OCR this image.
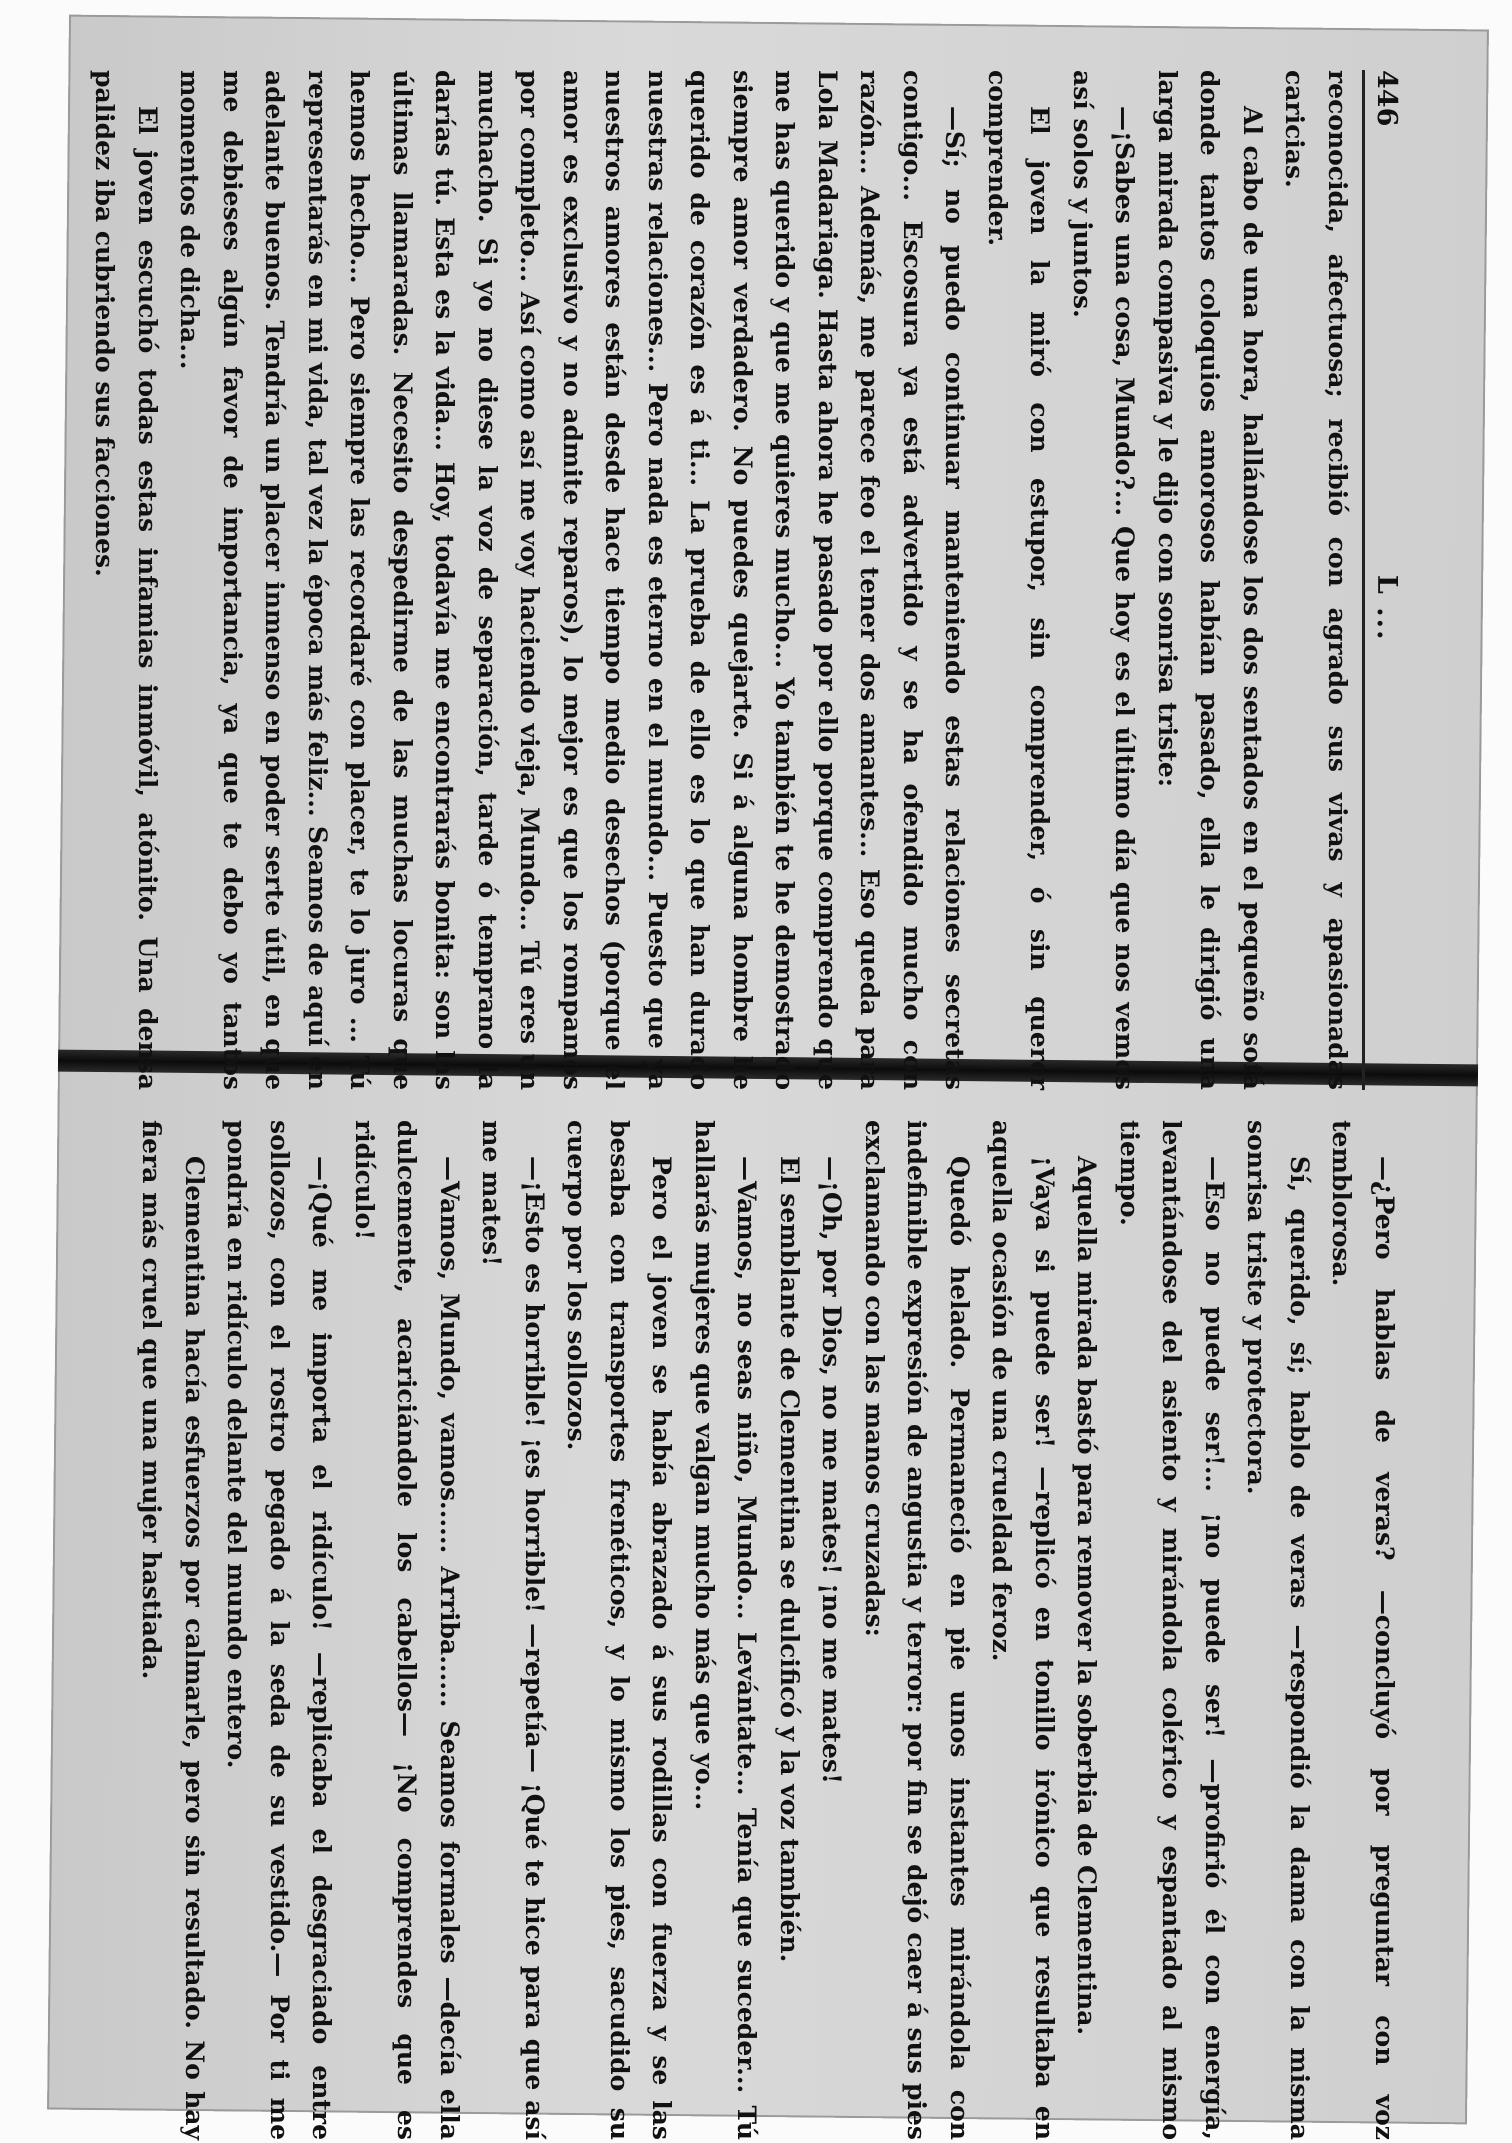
446
L ...

reconocida, afectuosa; recibió con agrado sus vivas y apasionadas caricias.

Al cabo de una hora, hallándose los dos sentados en el pequeño sofá donde tantos coloquios amorosos habían pasado, ella le dirigió una larga mirada compasiva y le dijo con sonrisa triste:

—¡Sabes una cosa, Mundo?... Que hoy es el último día que nos vemos así solos y juntos.

El joven la miró con estupor, sin comprender, ó sin querer comprender.

—Sí; no puedo continuar manteniendo estas relaciones secretas contigo... Escosura ya está advertido y se ha ofendido mucho con razón... Además, me parece feo el tener dos amantes... Eso queda para Lola Madariaga. Hasta ahora he pasado por ello porque comprendo que me has querido y que me quieres mucho... Yo también te he demostrado siempre amor verdadero. No puedes quejarte. Si á alguna hombre he querido de corazón es á ti... La prueba de ello es lo que han durado nuestras relaciones... Pero nada es eterno en el mundo... Puesto que ya nuestros amores están desde hace tiempo medio desechos (porque el amor es exclusivo y no admite reparos), lo mejor es que los rompamos por completo... Así como así me voy haciendo vieja, Mundo... Tú eres un muchacho. Si yo no diese la voz de separación, tarde ó temprano la darías tú. Esta es la vida... Hoy, todavía me encontrarás bonita: son las últimas llamaradas. Necesito despedirme de las muchas locuras que hemos hecho... Pero siempre las recordaré con placer, te lo juro ... Tú representarás en mi vida, tal vez la época más feliz... Seamos de aquí en adelante buenos. Tendría un placer inmenso en poder serte útil, en que me debieses algún favor de importancia, ya que te debo yo tantos momentos de dicha...

El joven escuchó todas estas infamias inmóvil, atónito. Una densa palidez iba cubriendo sus facciones.

—¿Pero hablas de veras? —concluyó por preguntar con voz temblorosa.

Sí, querido, sí; hablo de veras —respondió la dama con la misma sonrisa triste y protectora.

—Eso no puede ser!... ¡no puede ser! —profirió él con energía, levantándose del asiento y mirándola colérico y espantado al mismo tiempo.

Aquella mirada bastó para remover la soberbia de Clementina.

¡Vaya si puede ser! —replicó en tonillo irónico que resultaba en aquella ocasión de una crueldad feroz.

Quedó helado. Permaneció en pie unos instantes mirándola con indefinible expresión de angustia y terror: por fin se dejó caer á sus pies exclamando con las manos cruzadas:

—¡Oh, por Dios, no me mates! ¡no me mates!

El semblante de Clementina se dulcificó y la voz también.

—Vamos, no seas niño, Mundo... Levántate... Tenía que suceder... Tú hallarás mujeres que valgan mucho más que yo...

Pero el joven se había abrazado á sus rodillas con fuerza y se las besaba con transportes frenéticos, y lo mismo los pies, sacudido su cuerpo por los sollozos.

—¡Esto es horrible! ¡es horrible! —repetía— ¡Qué te hice para que así me mates!

—Vamos, Mundo, vamos...... Arriba...... Seamos formales —decía ella dulcemente, acariciándole los cabellos— ¡No comprendes que es ridículo!

—¡Qué me importa el ridículo! —replicaba el desgraciado entre sollozos, con el rostro pegado á la seda de su vestido.— Por ti me pondría en ridículo delante del mundo entero.

Clementina hacía esfuerzos por calmarle, pero sin resultado. No hay fiera más cruel que una mujer hastiada.
